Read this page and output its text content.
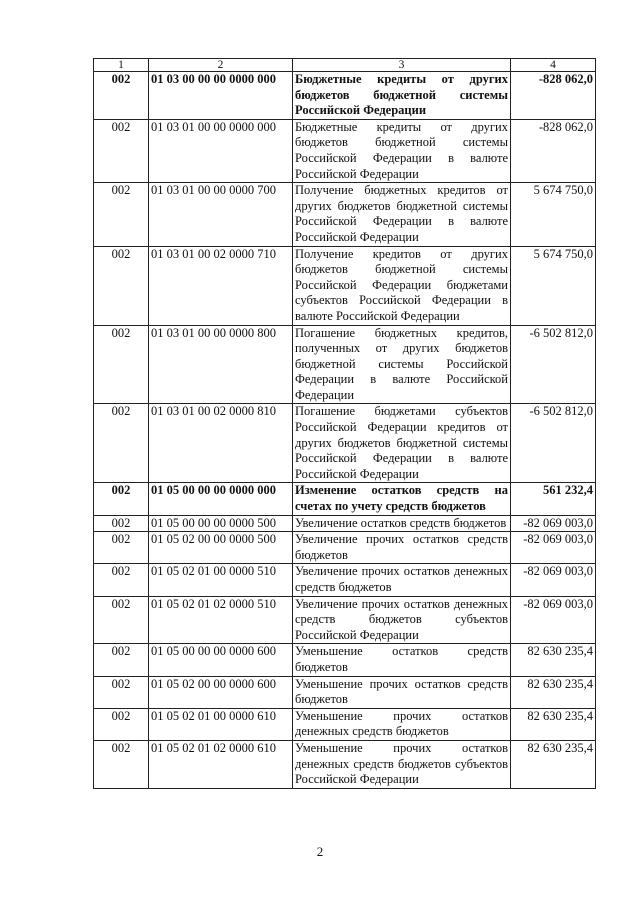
1	2	3	4
002	01 03 00 00 00 0000 000	Бюджетные кредиты от других бюджетов бюджетной системы Российской Федерации	-828 062,0
002	01 03 01 00 00 0000 000	Бюджетные кредиты от других бюджетов бюджетной системы Российской Федерации в валюте Российской Федерации	-828 062,0
002	01 03 01 00 00 0000 700	Получение бюджетных кредитов от других бюджетов бюджетной системы Российской Федерации в валюте Российской Федерации	5 674 750,0
002	01 03 01 00 02 0000 710	Получение кредитов от других бюджетов бюджетной системы Российской Федерации бюджетами субъектов Российской Федерации в валюте Российской Федерации	5 674 750,0
002	01 03 01 00 00 0000 800	Погашение бюджетных кредитов, полученных от других бюджетов бюджетной системы Российской Федерации в валюте Российской Федерации	-6 502 812,0
002	01 03 01 00 02 0000 810	Погашение бюджетами субъектов Российской Федерации кредитов от других бюджетов бюджетной системы Российской Федерации в валюте Российской Федерации	-6 502 812,0
002	01 05 00 00 00 0000 000	Изменение остатков средств на счетах по учету средств бюджетов	561 232,4
002	01 05 00 00 00 0000 500	Увеличение остатков средств бюджетов	-82 069 003,0
002	01 05 02 00 00 0000 500	Увеличение прочих остатков средств бюджетов	-82 069 003,0
002	01 05 02 01 00 0000 510	Увеличение прочих остатков денежных средств бюджетов	-82 069 003,0
002	01 05 02 01 02 0000 510	Увеличение прочих остатков денежных средств бюджетов субъектов Российской Федерации	-82 069 003,0
002	01 05 00 00 00 0000 600	Уменьшение остатков средств бюджетов	82 630 235,4
002	01 05 02 00 00 0000 600	Уменьшение прочих остатков средств бюджетов	82 630 235,4
002	01 05 02 01 00 0000 610	Уменьшение прочих остатков денежных средств бюджетов	82 630 235,4
002	01 05 02 01 02 0000 610	Уменьшение прочих остатков денежных средств бюджетов субъектов Российской Федерации	82 630 235,4
2
